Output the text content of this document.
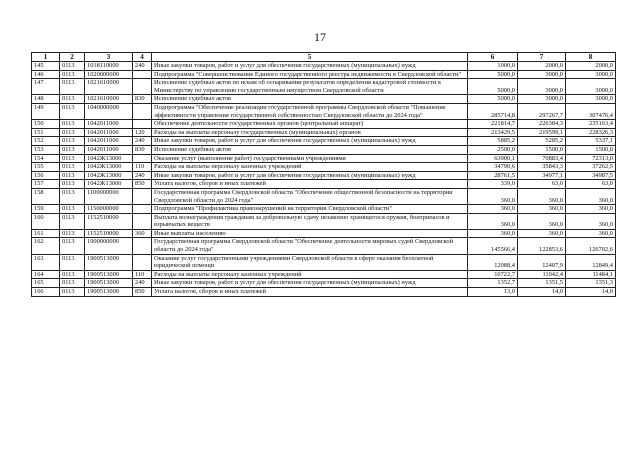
17
1	2	3	4	5	6	7	8
145	0113	1018110000	240	Иные закупки товаров, работ и услуг для обеспечения государственных (муниципальных) нужд	1000,0	2000,0	2000,0
146	0113	1020000000		Подпрограмма "Совершенствование Единого государственного реестра недвижимости в Свердловской области"	5000,0	3000,0	3000,0
147	0113	1021610000		Исполнение судебных актов по искам об оспаривании результатов определения кадастровой стоимости к Министерству по управлению государственным имуществом Свердловской области	5000,0	3000,0	3000,0
148	0113	1021610000	830	Исполнение судебных актов	5000,0	3000,0	3000,0
149	0113	1040000000		Подпрограмма "Обеспечение реализации государственной программы Свердловской области "Повышение эффективности управления государственной собственностью Свердловской области до 2024 года"	285714,8	297267,7	307476,4
150	0113	1042011000		Обеспечение деятельности государственных органов (центральный аппарат)	221814,7	226384,3	235163,4
151	0113	1042011000	120	Расходы на выплаты персоналу государственных (муниципальных) органов	213429,5	219599,1	228326,3
152	0113	1042011000	240	Иные закупки товаров, работ и услуг для обеспечения государственных (муниципальных) нужд	5885,2	5285,2	5337,1
153	0113	1042011000	830	Исполнение судебных актов	2500,0	1500,0	1500,0
154	0113	1042Ж13000		Оказание услуг (выполнение работ) государственными учреждениями	63900,1	70883,4	72313,0
155	0113	1042Ж13000	110	Расходы на выплаты персоналу казенных учреждений	34790,6	35843,3	37262,5
156	0113	1042Ж13000	240	Иные закупки товаров, работ и услуг для обеспечения государственных (муниципальных) нужд	28761,5	34977,1	34987,5
157	0113	1042Ж13000	850	Уплата налогов, сборов и иных платежей	339,0	63,0	63,0
158	0113	1100000000		Государственная программа Свердловской области "Обеспечение общественной безопасности на территории Свердловской области до 2024 года"	360,0	360,0	360,0
159	0113	1150000000		Подпрограмма "Профилактика правонарушений на территории Свердловской области"	360,0	360,0	360,0
160	0113	1152510000		Выплата вознаграждения гражданам за добровольную сдачу незаконно хранящегося оружия, боеприпасов и взрывчатых веществ	360,0	360,0	360,0
161	0113	1152510000	360	Иные выплаты населению	360,0	360,0	360,0
162	0113	1900000000		Государственная программа Свердловской области "Обеспечение деятельности мировых судей Свердловской области до 2024 года"	145566,4	122853,6	126702,6
163	0113	1900513000		Оказание услуг государственными учреждениями Свердловской области в сфере оказания бесплатной юридической помощи	12088,4	12407,9	12849,4
164	0113	1900513000	110	Расходы на выплаты персоналу казенных учреждений	10722,7	11042,4	11484,1
165	0113	1900513000	240	Иные закупки товаров, работ и услуг для обеспечения государственных (муниципальных) нужд	1352,7	1351,5	1351,3
166	0113	1900513000	850	Уплата налогов, сборов и иных платежей	13,0	14,0	14,0
